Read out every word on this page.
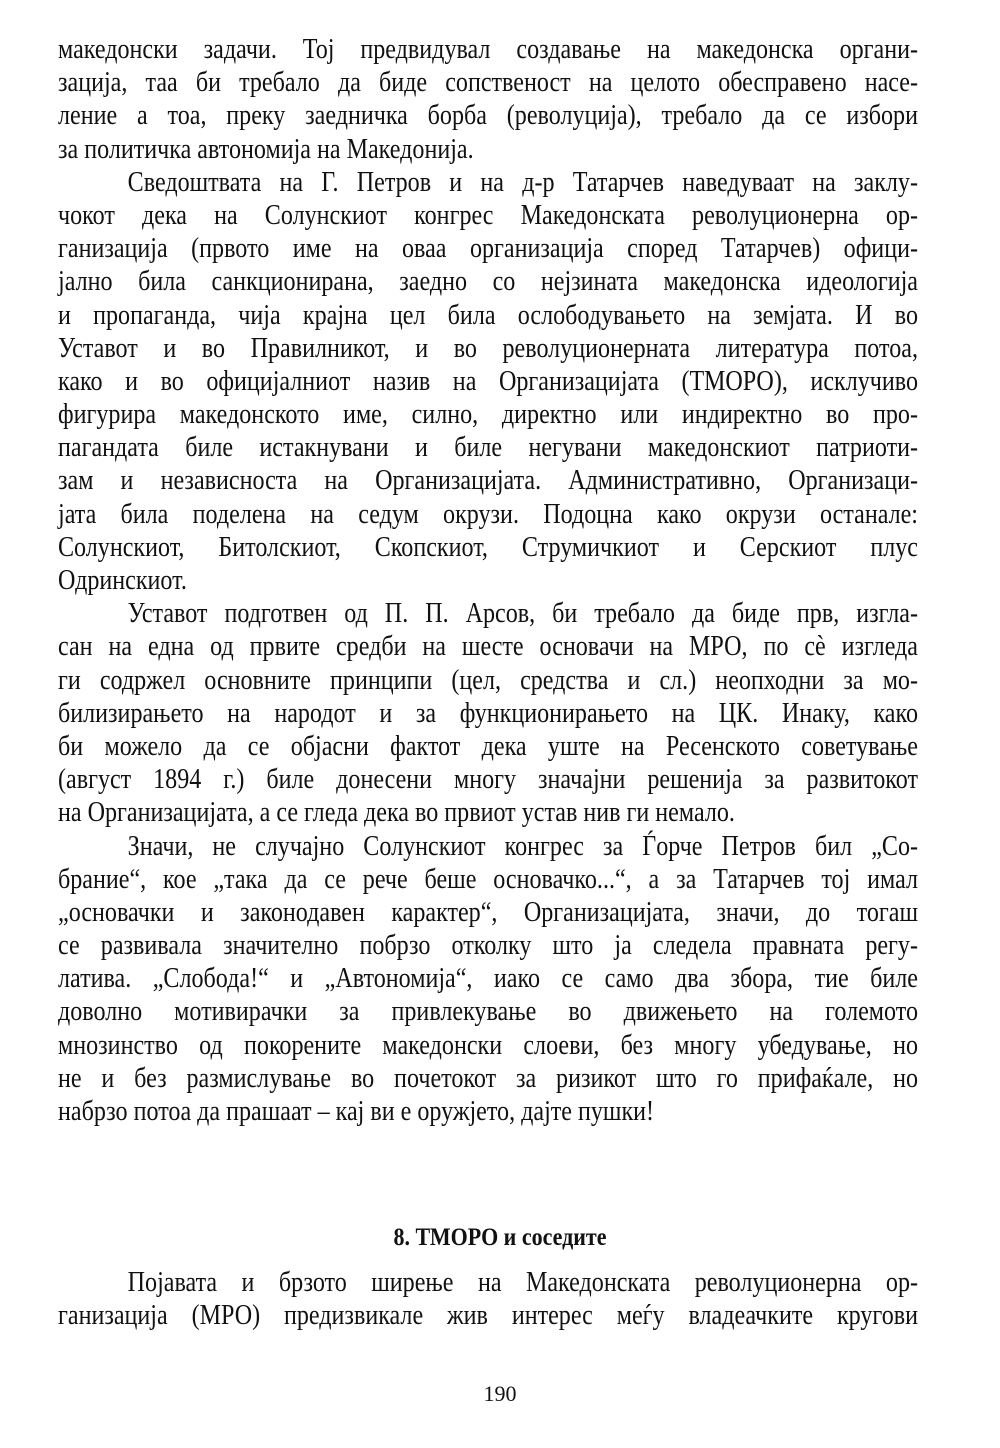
македонски задачи. Тој предвидувал создавање на македонска органи-
зација, таа би требало да биде сопственост на целото обесправено насе-
ление а тоа, преку заедничка борба (револуција), требало да се избори
за политичка автономија на Македонија.
Сведоштвата на Г. Петров и на д-р Татарчев наведуваат на заклу-
чокот дека на Солунскиот конгрес Македонската револуционерна ор-
ганизација (првото име на оваа организација според Татарчев) офици-
јално била санкционирана, заедно со нејзината македонска идеологија
и пропаганда, чија крајна цел била ослободувањето на земјата. И во
Уставот и во Правилникот, и во револуционерната литература потоа,
како и во официјалниот назив на Организацијата (ТМОРО), исклучиво
фигурира македонското име, силно, директно или индиректно во про-
пагандата биле истакнувани и биле негувани македонскиот патриоти-
зам и независноста на Организацијата. Административно, Организаци-
јата била поделена на седум окрузи. Подоцна како окрузи останале:
Солунскиот, Битолскиот, Скопскиот, Струмичкиот и Серскиот плус
Одринскиот.
Уставот подготвен од П. П. Арсов, би требало да биде прв, изгла-
сан на една од првите средби на шесте основачи на МРО, по сè изгледа
ги содржел основните принципи (цел, средства и сл.) неопходни за мо-
билизирањето на народот и за функционирањето на ЦК. Инаку, како
би можело да се објасни фактот дека уште на Ресенското советување
(август 1894 г.) биле донесени многу значајни решенија за развитокот
на Организацијата, а се гледа дека во првиот устав нив ги немало.
Значи, не случајно Солунскиот конгрес за Ѓорче Петров бил „Со-
брание“, кое „така да се рече беше основачко...“, а за Татарчев тој имал
„основачки и законодавен карактер“, Организацијата, значи, до тогаш
се развивала значително побрзо отколку што ја следела правната регу-
латива. „Слобода!“ и „Автономија“, иако се само два збора, тие биле
доволно мотивирачки за привлекување во движењето на големото
мнозинство од покорените македонски слоеви, без многу убедување, но
не и без размислување во почетокот за ризикот што го прифаќале, но
набрзо потоа да прашаат – кај ви е оружјето, дајте пушки!
8. ТМОРО и соседите
Појавата и брзото ширење на Македонската револуционерна ор-
ганизација (МРО) предизвикале жив интерес меѓу владеачките кругови
190
